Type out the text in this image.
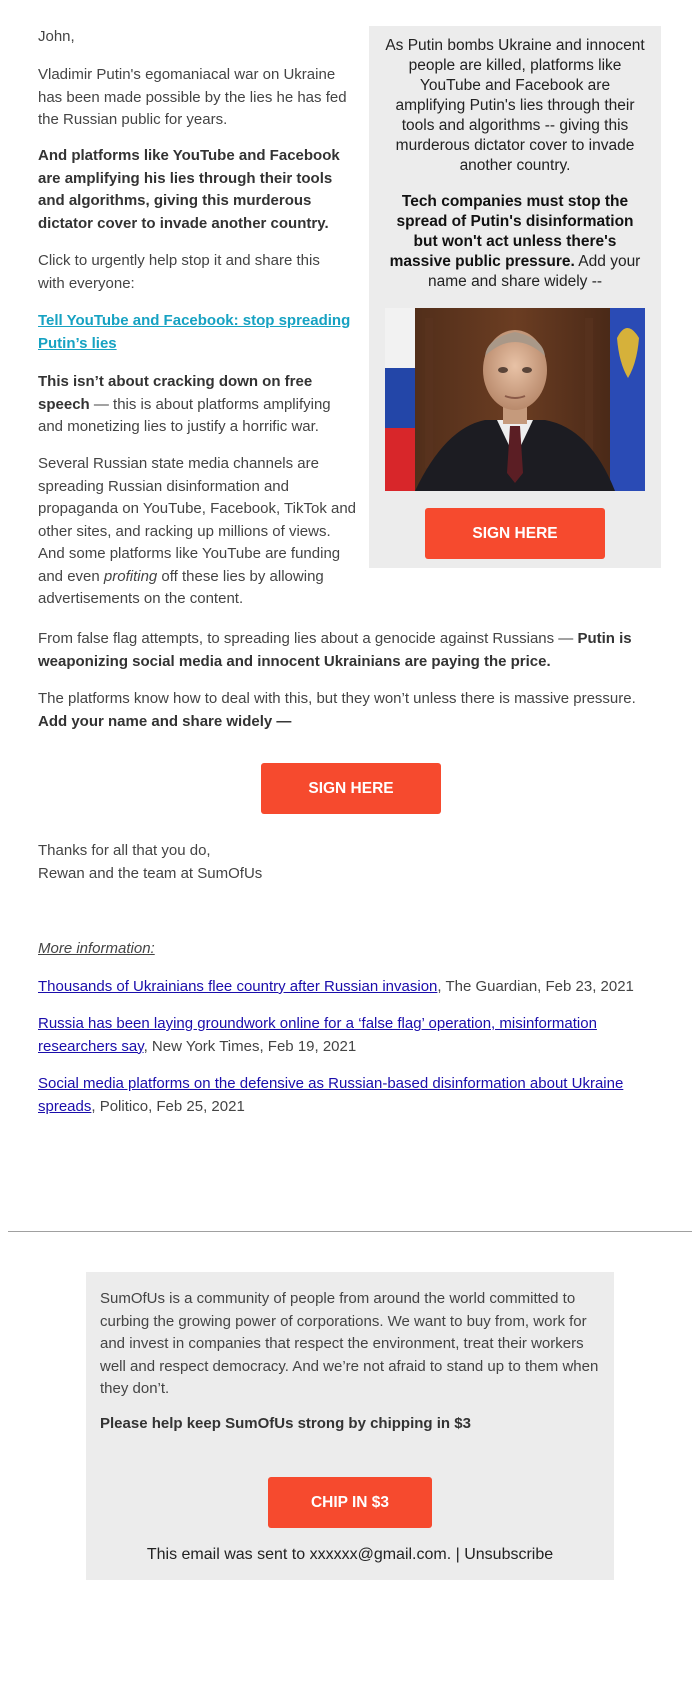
John,

Vladimir Putin's egomaniacal war on Ukraine has been made possible by the lies he has fed the Russian public for years.

And platforms like YouTube and Facebook are amplifying his lies through their tools and algorithms, giving this murderous dictator cover to invade another country.

Click to urgently help stop it and share this with everyone:

Tell YouTube and Facebook: stop spreading Putin’s lies

This isn’t about cracking down on free speech — this is about platforms amplifying and monetizing lies to justify a horrific war.

Several Russian state media channels are spreading Russian disinformation and propaganda on YouTube, Facebook, TikTok and other sites, and racking up millions of views. And some platforms like YouTube are funding and even profiting off these lies by allowing advertisements on the content.

From false flag attempts, to spreading lies about a genocide against Russians — Putin is weaponizing social media and innocent Ukrainians are paying the price.

The platforms know how to deal with this, but they won’t unless there is massive pressure. Add your name and share widely —

SIGN HERE

Thanks for all that you do,

Rewan and the team at SumOfUs

More information:

Thousands of Ukrainians flee country after Russian invasion, The Guardian, Feb 23, 2021

Russia has been laying groundwork online for a ‘false flag’ operation, misinformation researchers say, New York Times, Feb 19, 2021

Social media platforms on the defensive as Russian-based disinformation about Ukraine spreads, Politico, Feb 25, 2021

As Putin bombs Ukraine and innocent people are killed, platforms like YouTube and Facebook are amplifying Putin's lies through their tools and algorithms -- giving this murderous dictator cover to invade another country.

Tech companies must stop the spread of Putin's disinformation but won't act unless there's massive public pressure. Add your name and share widely --

SIGN HERE

SumOfUs is a community of people from around the world committed to curbing the growing power of corporations. We want to buy from, work for and invest in companies that respect the environment, treat their workers well and respect democracy. And we’re not afraid to stand up to them when they don’t.

Please help keep SumOfUs strong by chipping in $3

CHIP IN $3

This email was sent to xxxxxx@gmail.com. | Unsubscribe
